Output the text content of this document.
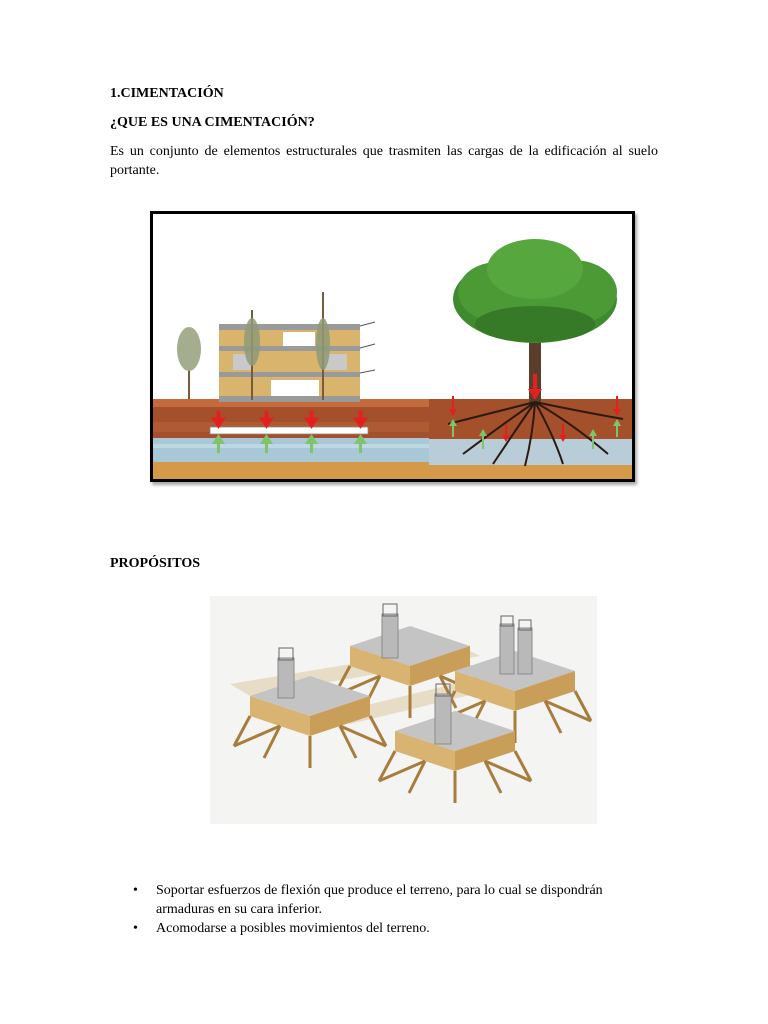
1.CIMENTACIÓN
¿QUE ES UNA CIMENTACIÓN?
Es un conjunto de elementos estructurales que trasmiten las cargas de la edificación al suelo portante.
PROPÓSITOS
• Soportar esfuerzos de flexión que produce el terreno, para lo cual se dispondrán armaduras en su cara inferior.
• Acomodarse a posibles movimientos del terreno.
